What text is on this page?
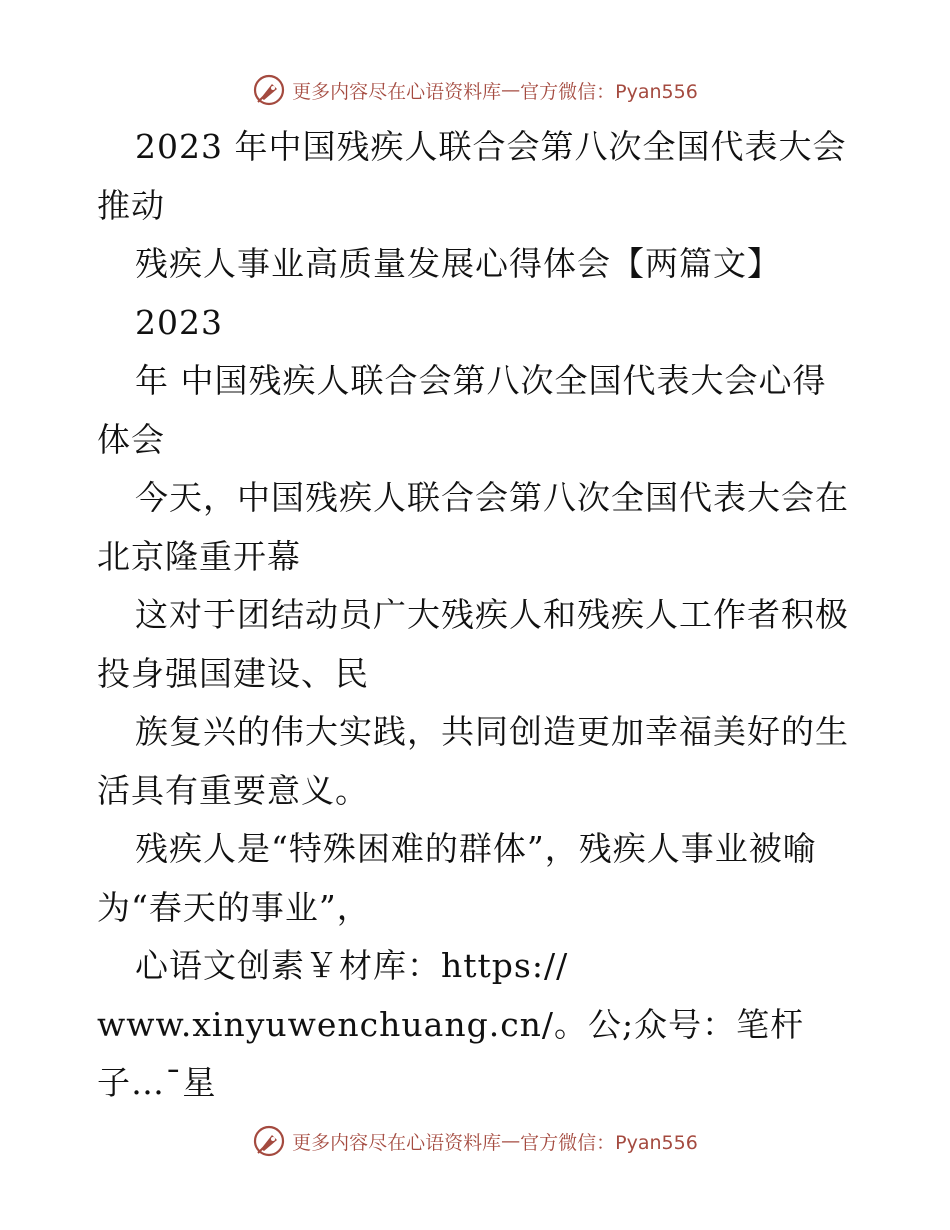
更多内容尽在心语资料库 — 官方微信：Pyan556

2023 年中国残疾人联合会第八次全国代表大会推动

残疾人事业高质量发展心得体会【两篇文】

2023

年 中国残疾人联合会第八次全国代表大会心得体会

今天，中国残疾人联合会第八次全国代表大会在北京隆重开幕

这对于团结动员广大残疾人和残疾人工作者积极投身强国建设、民

族复兴的伟大实践，共同创造更加幸福美好的生活具有重要意义。

残疾人是“特殊困难的群体”，残疾人事业被喻为“春天的事业”，

心语文创素￥材库：https://

www.xinyuwenchuang.cn/。公;众号：笔杆子…¯星

更多内容尽在心语资料库 — 官方微信：Pyan556
